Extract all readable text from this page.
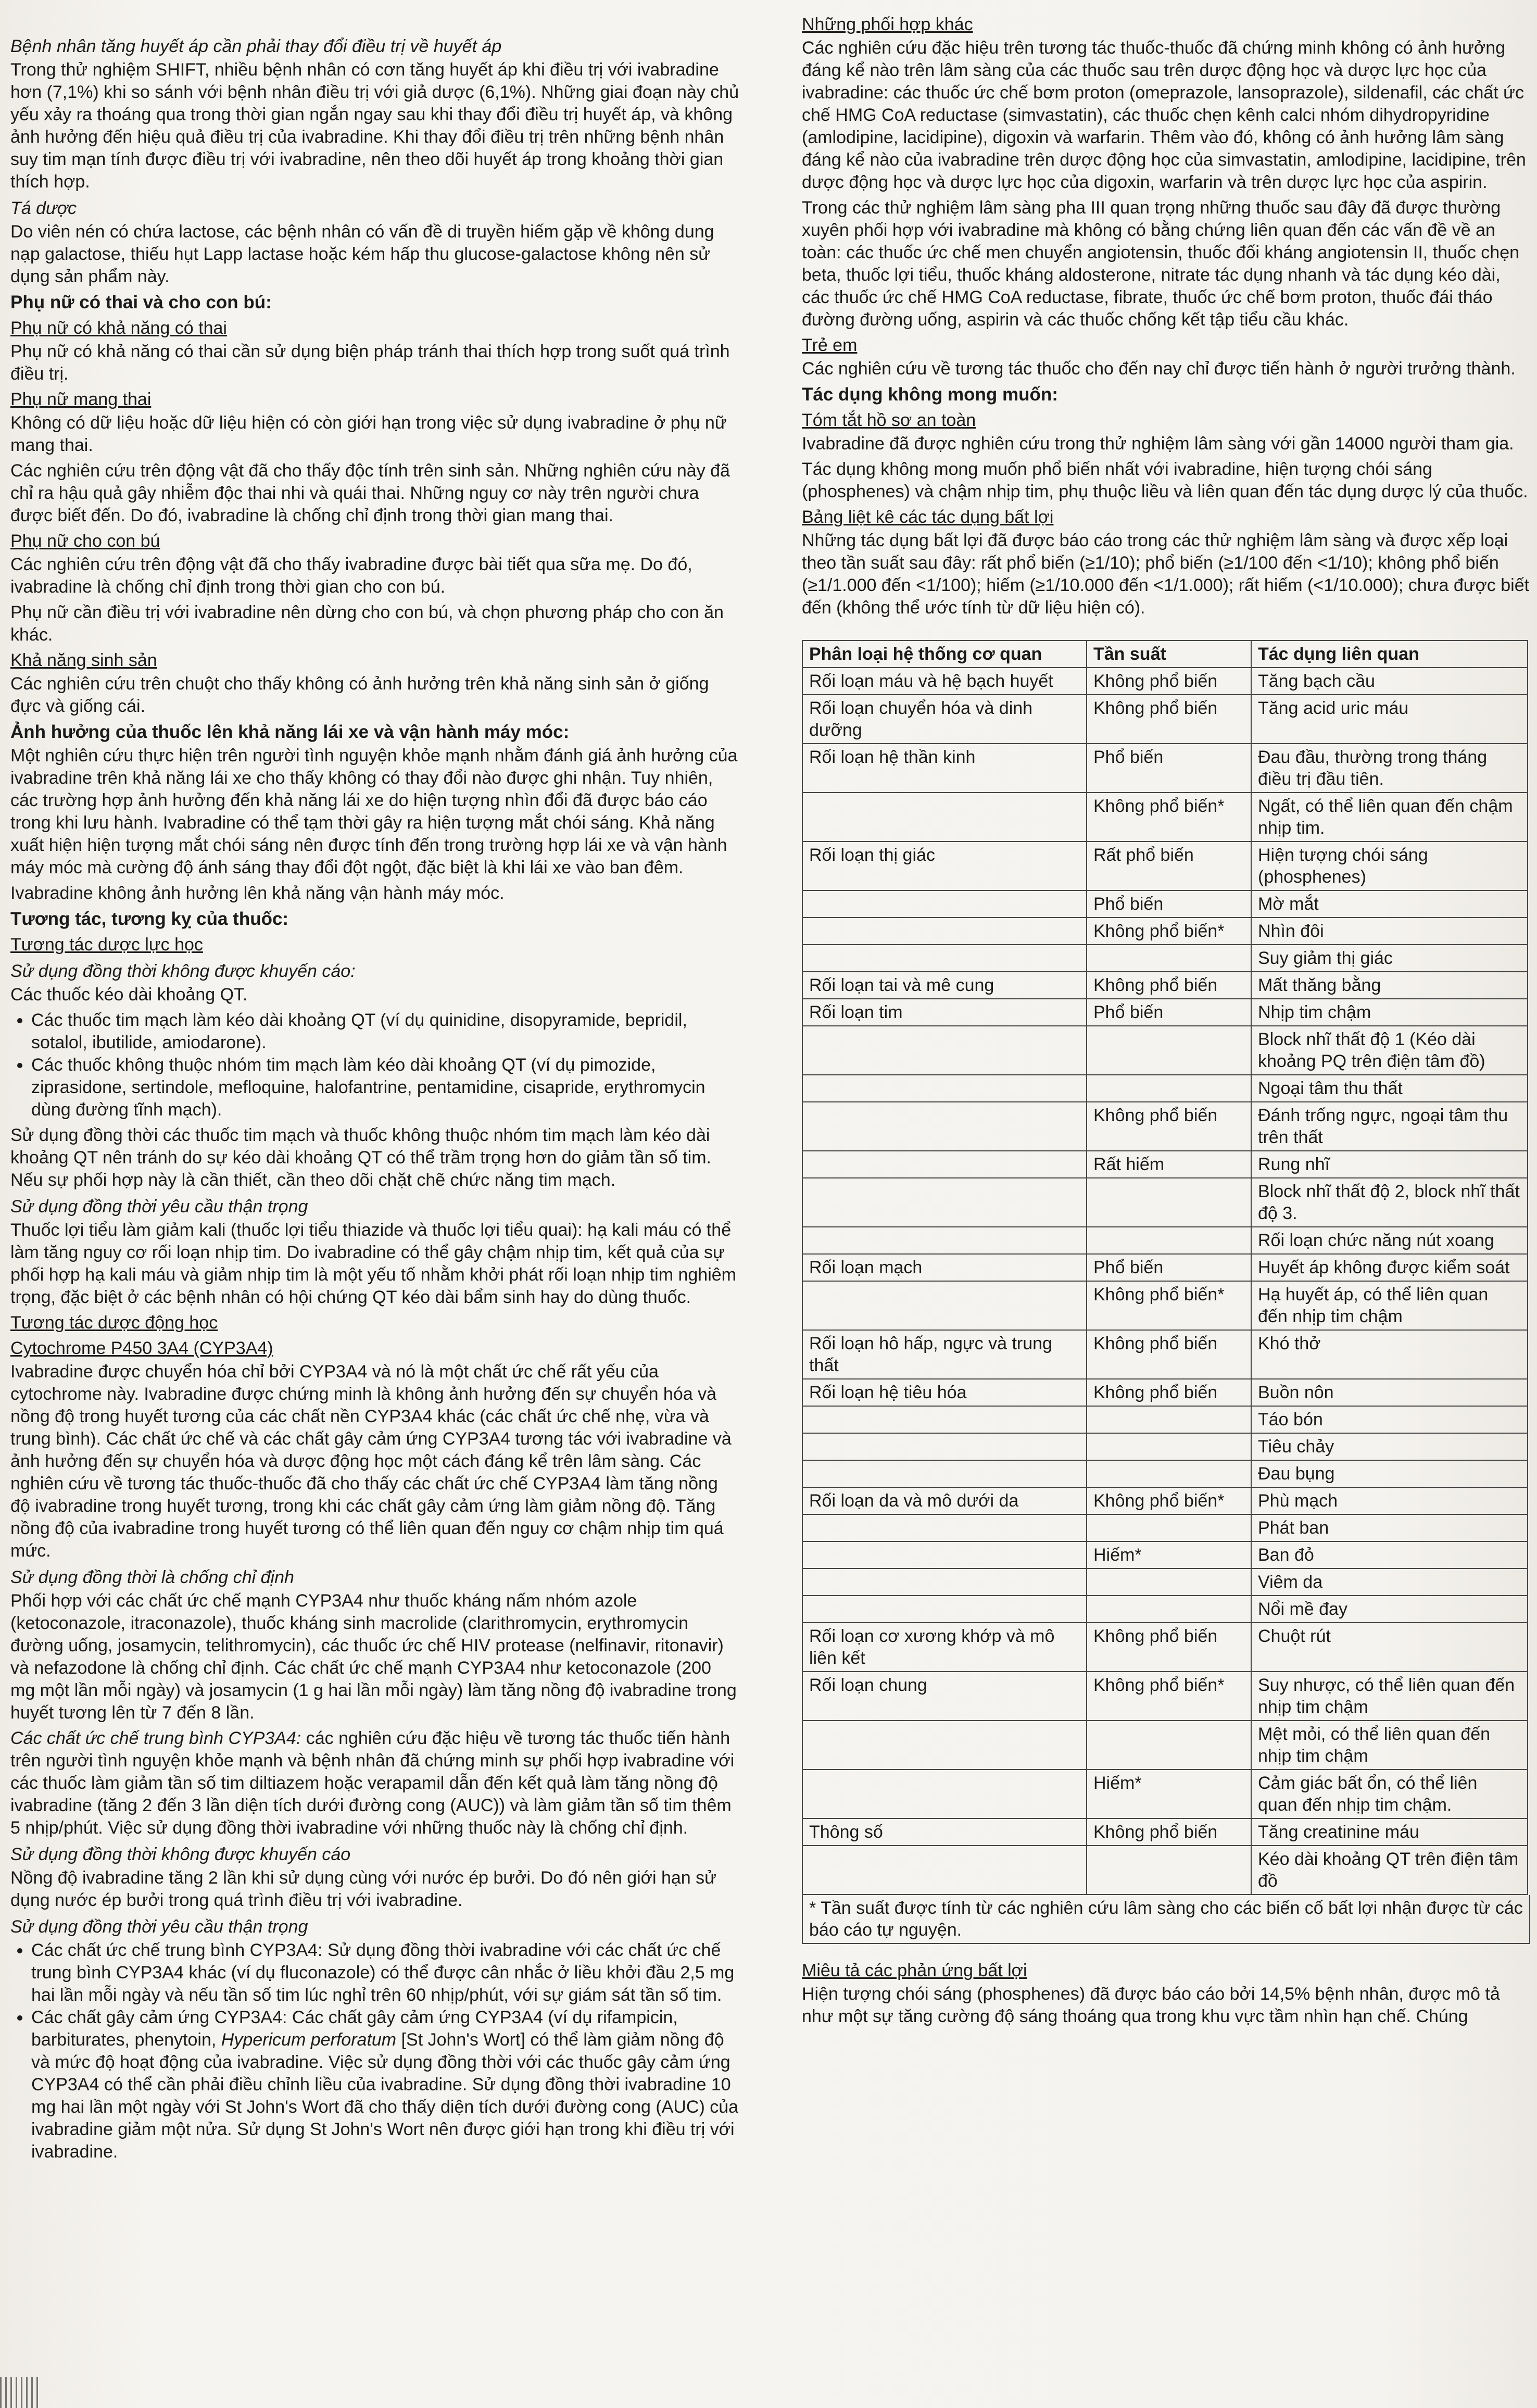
Bệnh nhân tăng huyết áp cần phải thay đổi điều trị về huyết áp

Trong thử nghiệm SHIFT, nhiều bệnh nhân có cơn tăng huyết áp khi điều trị với ivabradine hơn (7,1%) khi so sánh với bệnh nhân điều trị với giả dược (6,1%). Những giai đoạn này chủ yếu xảy ra thoáng qua trong thời gian ngắn ngay sau khi thay đổi điều trị huyết áp, và không ảnh hưởng đến hiệu quả điều trị của ivabradine. Khi thay đổi điều trị trên những bệnh nhân suy tim mạn tính được điều trị với ivabradine, nên theo dõi huyết áp trong khoảng thời gian thích hợp.

Tá dược

Do viên nén có chứa lactose, các bệnh nhân có vấn đề di truyền hiếm gặp về không dung nạp galactose, thiếu hụt Lapp lactase hoặc kém hấp thu glucose-galactose không nên sử dụng sản phẩm này.

Phụ nữ có thai và cho con bú:
Phụ nữ có khả năng có thai

Phụ nữ có khả năng có thai cần sử dụng biện pháp tránh thai thích hợp trong suốt quá trình điều trị.

Phụ nữ mang thai

Không có dữ liệu hoặc dữ liệu hiện có còn giới hạn trong việc sử dụng ivabradine ở phụ nữ mang thai.

Các nghiên cứu trên động vật đã cho thấy độc tính trên sinh sản. Những nghiên cứu này đã chỉ ra hậu quả gây nhiễm độc thai nhi và quái thai. Những nguy cơ này trên người chưa được biết đến. Do đó, ivabradine là chống chỉ định trong thời gian mang thai.

Phụ nữ cho con bú

Các nghiên cứu trên động vật đã cho thấy ivabradine được bài tiết qua sữa mẹ. Do đó, ivabradine là chống chỉ định trong thời gian cho con bú.

Phụ nữ cần điều trị với ivabradine nên dừng cho con bú, và chọn phương pháp cho con ăn khác.

Khả năng sinh sản

Các nghiên cứu trên chuột cho thấy không có ảnh hưởng trên khả năng sinh sản ở giống đực và giống cái.

Ảnh hưởng của thuốc lên khả năng lái xe và vận hành máy móc:

Một nghiên cứu thực hiện trên người tình nguyện khỏe mạnh nhằm đánh giá ảnh hưởng của ivabradine trên khả năng lái xe cho thấy không có thay đổi nào được ghi nhận. Tuy nhiên, các trường hợp ảnh hưởng đến khả năng lái xe do hiện tượng nhìn đổi đã được báo cáo trong khi lưu hành. Ivabradine có thể tạm thời gây ra hiện tượng mắt chói sáng. Khả năng xuất hiện hiện tượng mắt chói sáng nên được tính đến trong trường hợp lái xe và vận hành máy móc mà cường độ ánh sáng thay đổi đột ngột, đặc biệt là khi lái xe vào ban đêm.

Ivabradine không ảnh hưởng lên khả năng vận hành máy móc.

Tương tác, tương kỵ của thuốc:
Tương tác dược lực học
Sử dụng đồng thời không được khuyến cáo:

Các thuốc kéo dài khoảng QT.

• Các thuốc tim mạch làm kéo dài khoảng QT (ví dụ quinidine, disopyramide, bepridil, sotalol, ibutilide, amiodarone).
• Các thuốc không thuộc nhóm tim mạch làm kéo dài khoảng QT (ví dụ pimozide, ziprasidone, sertindole, mefloquine, halofantrine, pentamidine, cisapride, erythromycin dùng đường tĩnh mạch).

Sử dụng đồng thời các thuốc tim mạch và thuốc không thuộc nhóm tim mạch làm kéo dài khoảng QT nên tránh do sự kéo dài khoảng QT có thể trầm trọng hơn do giảm tần số tim. Nếu sự phối hợp này là cần thiết, cần theo dõi chặt chẽ chức năng tim mạch.

Sử dụng đồng thời yêu cầu thận trọng

Thuốc lợi tiểu làm giảm kali (thuốc lợi tiểu thiazide và thuốc lợi tiểu quai): hạ kali máu có thể làm tăng nguy cơ rối loạn nhịp tim. Do ivabradine có thể gây chậm nhịp tim, kết quả của sự phối hợp hạ kali máu và giảm nhịp tim là một yếu tố nhằm khởi phát rối loạn nhịp tim nghiêm trọng, đặc biệt ở các bệnh nhân có hội chứng QT kéo dài bẩm sinh hay do dùng thuốc.

Tương tác dược động học
Cytochrome P450 3A4 (CYP3A4)

Ivabradine được chuyển hóa chỉ bởi CYP3A4 và nó là một chất ức chế rất yếu của cytochrome này. Ivabradine được chứng minh là không ảnh hưởng đến sự chuyển hóa và nồng độ trong huyết tương của các chất nền CYP3A4 khác (các chất ức chế nhẹ, vừa và trung bình). Các chất ức chế và các chất gây cảm ứng CYP3A4 tương tác với ivabradine và ảnh hưởng đến sự chuyển hóa và dược động học một cách đáng kể trên lâm sàng. Các nghiên cứu về tương tác thuốc-thuốc đã cho thấy các chất ức chế CYP3A4 làm tăng nồng độ ivabradine trong huyết tương, trong khi các chất gây cảm ứng làm giảm nồng độ. Tăng nồng độ của ivabradine trong huyết tương có thể liên quan đến nguy cơ chậm nhịp tim quá mức.

Sử dụng đồng thời là chống chỉ định

Phối hợp với các chất ức chế mạnh CYP3A4 như thuốc kháng nấm nhóm azole (ketoconazole, itraconazole), thuốc kháng sinh macrolide (clarithromycin, erythromycin đường uống, josamycin, telithromycin), các thuốc ức chế HIV protease (nelfinavir, ritonavir) và nefazodone là chống chỉ định. Các chất ức chế mạnh CYP3A4 như ketoconazole (200 mg một lần mỗi ngày) và josamycin (1 g hai lần mỗi ngày) làm tăng nồng độ ivabradine trong huyết tương lên từ 7 đến 8 lần.

Các chất ức chế trung bình CYP3A4: các nghiên cứu đặc hiệu về tương tác thuốc tiến hành trên người tình nguyện khỏe mạnh và bệnh nhân đã chứng minh sự phối hợp ivabradine với các thuốc làm giảm tần số tim diltiazem hoặc verapamil dẫn đến kết quả làm tăng nồng độ ivabradine (tăng 2 đến 3 lần diện tích dưới đường cong (AUC)) và làm giảm tần số tim thêm 5 nhịp/phút. Việc sử dụng đồng thời ivabradine với những thuốc này là chống chỉ định.

Sử dụng đồng thời không được khuyến cáo

Nồng độ ivabradine tăng 2 lần khi sử dụng cùng với nước ép bưởi. Do đó nên giới hạn sử dụng nước ép bưởi trong quá trình điều trị với ivabradine.

Sử dụng đồng thời yêu cầu thận trọng
• Các chất ức chế trung bình CYP3A4: Sử dụng đồng thời ivabradine với các chất ức chế trung bình CYP3A4 khác (ví dụ fluconazole) có thể được cân nhắc ở liều khởi đầu 2,5 mg hai lần mỗi ngày và nếu tần số tim lúc nghỉ trên 60 nhịp/phút, với sự giám sát tần số tim.
• Các chất gây cảm ứng CYP3A4: Các chất gây cảm ứng CYP3A4 (ví dụ rifampicin, barbiturates, phenytoin, Hypericum perforatum [St John's Wort] có thể làm giảm nồng độ và mức độ hoạt động của ivabradine. Việc sử dụng đồng thời với các thuốc gây cảm ứng CYP3A4 có thể cần phải điều chỉnh liều của ivabradine. Sử dụng đồng thời ivabradine 10 mg hai lần một ngày với St John's Wort đã cho thấy diện tích dưới đường cong (AUC) của ivabradine giảm một nửa. Sử dụng St John's Wort nên được giới hạn trong khi điều trị với ivabradine.
Những phối hợp khác

Các nghiên cứu đặc hiệu trên tương tác thuốc-thuốc đã chứng minh không có ảnh hưởng đáng kể nào trên lâm sàng của các thuốc sau trên dược động học và dược lực học của ivabradine: các thuốc ức chế bơm proton (omeprazole, lansoprazole), sildenafil, các chất ức chế HMG CoA reductase (simvastatin), các thuốc chẹn kênh calci nhóm dihydropyridine (amlodipine, lacidipine), digoxin và warfarin. Thêm vào đó, không có ảnh hưởng lâm sàng đáng kể nào của ivabradine trên dược động học của simvastatin, amlodipine, lacidipine, trên dược động học và dược lực học của digoxin, warfarin và trên dược lực học của aspirin.

Trong các thử nghiệm lâm sàng pha III quan trọng những thuốc sau đây đã được thường xuyên phối hợp với ivabradine mà không có bằng chứng liên quan đến các vấn đề về an toàn: các thuốc ức chế men chuyển angiotensin, thuốc đối kháng angiotensin II, thuốc chẹn beta, thuốc lợi tiểu, thuốc kháng aldosterone, nitrate tác dụng nhanh và tác dụng kéo dài, các thuốc ức chế HMG CoA reductase, fibrate, thuốc ức chế bơm proton, thuốc đái tháo đường đường uống, aspirin và các thuốc chống kết tập tiểu cầu khác.

Trẻ em

Các nghiên cứu về tương tác thuốc cho đến nay chỉ được tiến hành ở người trưởng thành.

Tác dụng không mong muốn:
Tóm tắt hồ sơ an toàn

Ivabradine đã được nghiên cứu trong thử nghiệm lâm sàng với gần 14000 người tham gia.

Tác dụng không mong muốn phổ biến nhất với ivabradine, hiện tượng chói sáng (phosphenes) và chậm nhịp tim, phụ thuộc liều và liên quan đến tác dụng dược lý của thuốc.

Bảng liệt kê các tác dụng bất lợi

Những tác dụng bất lợi đã được báo cáo trong các thử nghiệm lâm sàng và được xếp loại theo tần suất sau đây: rất phổ biến (≥1/10); phổ biến (≥1/100 đến <1/10); không phổ biến (≥1/1.000 đến <1/100); hiếm (≥1/10.000 đến <1/1.000); rất hiếm (<1/10.000); chưa được biết đến (không thể ước tính từ dữ liệu hiện có).

Phân loại hệ thống cơ quan	Tần suất	Tác dụng liên quan
Rối loạn máu và hệ bạch huyết	Không phổ biến	Tăng bạch cầu
Rối loạn chuyển hóa và dinh dưỡng	Không phổ biến	Tăng acid uric máu
Rối loạn hệ thần kinh	Phổ biến	Đau đầu, thường trong tháng điều trị đầu tiên.
	Không phổ biến*	Ngất, có thể liên quan đến chậm nhịp tim.
Rối loạn thị giác	Rất phổ biến	Hiện tượng chói sáng (phosphenes)
	Phổ biến	Mờ mắt
	Không phổ biến*	Nhìn đôi
		Suy giảm thị giác
Rối loạn tai và mê cung	Không phổ biến	Mất thăng bằng
Rối loạn tim	Phổ biến	Nhịp tim chậm
		Block nhĩ thất độ 1 (Kéo dài khoảng PQ trên điện tâm đồ)
		Ngoại tâm thu thất
	Không phổ biến	Đánh trống ngực, ngoại tâm thu trên thất
	Rất hiếm	Rung nhĩ
		Block nhĩ thất độ 2, block nhĩ thất độ 3.
		Rối loạn chức năng nút xoang
Rối loạn mạch	Phổ biến	Huyết áp không được kiểm soát
	Không phổ biến*	Hạ huyết áp, có thể liên quan đến nhịp tim chậm
Rối loạn hô hấp, ngực và trung thất	Không phổ biến	Khó thở
Rối loạn hệ tiêu hóa	Không phổ biến	Buồn nôn
		Táo bón
		Tiêu chảy
		Đau bụng
Rối loạn da và mô dưới da	Không phổ biến*	Phù mạch
		Phát ban
	Hiếm*	Ban đỏ
		Viêm da
		Nổi mề đay
Rối loạn cơ xương khớp và mô liên kết	Không phổ biến	Chuột rút
Rối loạn chung	Không phổ biến*	Suy nhược, có thể liên quan đến nhịp tim chậm
		Mệt mỏi, có thể liên quan đến nhịp tim chậm
	Hiếm*	Cảm giác bất ổn, có thể liên quan đến nhịp tim chậm.
Thông số	Không phổ biến	Tăng creatinine máu
		Kéo dài khoảng QT trên điện tâm đồ
* Tần suất được tính từ các nghiên cứu lâm sàng cho các biến cố bất lợi nhận được từ các báo cáo tự nguyện.
Miêu tả các phản ứng bất lợi

Hiện tượng chói sáng (phosphenes) đã được báo cáo bởi 14,5% bệnh nhân, được mô tả như một sự tăng cường độ sáng thoáng qua trong khu vực tầm nhìn hạn chế. Chúng
